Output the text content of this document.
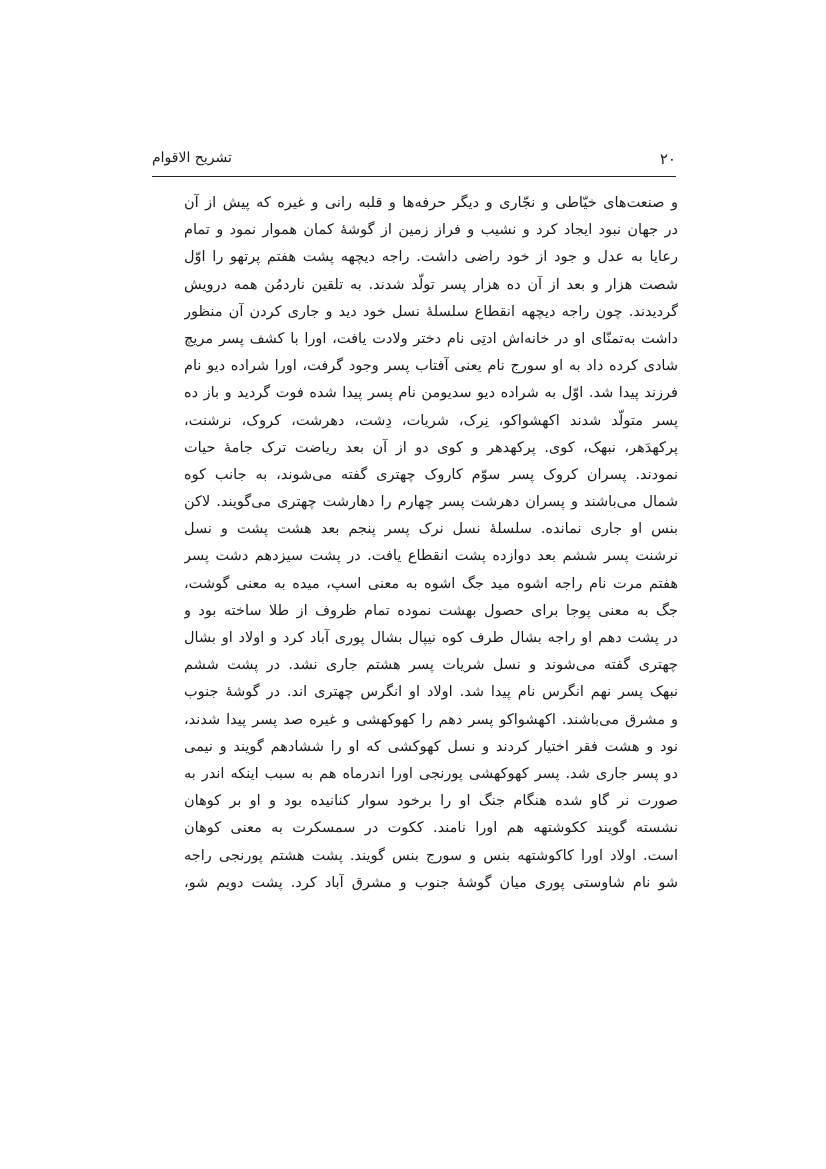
۲۰
تشریح الاقوام
و صنعت‌های خیّاطی و نجّاری و دیگر حرفه‌ها و قلبه رانی و غیره که پیش از آن
در جهان نبود ایجاد کرد و نشیب و فراز زمین از گوشهٔ کمان هموار نمود و تمام
رعایا به عدل و جود از خود راضی داشت. راجه دیچهه پشت هفتم پرتهو را اوّل
شصت هزار و بعد از آن ده هزار پسر تولّد شدند. به تلقین ناردمُن همه درویش
گردیدند. چون راجه دیچهه انقطاع سلسلهٔ نسل خود دید و جاری کردن آن منظور
داشت به‌تمنّای او در خانه‌اش ادتِی نام دختر ولادت یافت، اورا با کشف پسر مریچ
شادی کرده داد به او سورج نام یعنی آفتاب پسر وجود گرفت، اورا شراده دیو نام
فرزند پیدا شد. اوّل به شراده دیو سدیومن نام پسر پیدا شده فوت گردید و باز ده
پسر متولّد شدند اکهشواکو، نِرک، شریات، دِشت، دهرشت، کروک، نرشنت،
پرکهدَهر، نبهک، کوی. پرکهدهر و کوی دو از آن بعد ریاضت ترک جامهٔ حیات
نمودند. پسران کروک پسر سوّم کاروک چهتری گفته می‌شوند، به جانب کوه
شمال می‌باشند و پسران دهرشت پسر چهارم را دهارشت چهتری می‌گویند. لاکن
بنس او جاری نمانده. سلسلهٔ نسل نرک پسر پنجم بعد هشت پشت و نسل
نرشنت پسر ششم بعد دوازده پشت انقطاع یافت. در پشت سیزدهم دشت پسر
هفتم مرت نام راجه اشوه مید جگ اشوه به معنی اسپ، میده به معنی گوشت،
جگ به معنی پوجا برای حصول بهشت نموده تمام ظروف از طلا ساخته بود و
در پشت دهم او راجه بشال طرف کوه نیپال بشال پوری آباد کرد و اولاد او بشال
چهتری گفته می‌شوند و نسل شریات پسر هشتم جاری نشد. در پشت ششم
نبهک پسر نهم انگرس نام پیدا شد. اولاد او انگرس چهتری اند. در گوشهٔ جنوب
و مشرق می‌باشند. اکهشواکو پسر دهم را کهوکهشی و غیره صد پسر پیدا شدند،
نود و هشت فقر اختیار کردند و نسل کهوکشی که او را ششادهم گویند و نیمی
دو پسر جاری شد. پسر کهوکهشی پورنجی اورا اندرماه هم به سبب اینکه اندر به
صورت نر گاو شده هنگام جنگ او را برخود سوار کنانیده بود و او بر کوهان
نشسته گویند ککوشتهه هم اورا نامند. ککوت در سمسکرت به معنی کوهان
است. اولاد اورا کاکوشتهه بنس و سورج بنس گویند. پشت هشتم پورنجی راجه
شو نام شاوستی پوری میان گوشهٔ جنوب و مشرق آباد کرد. پشت دویم شو،
